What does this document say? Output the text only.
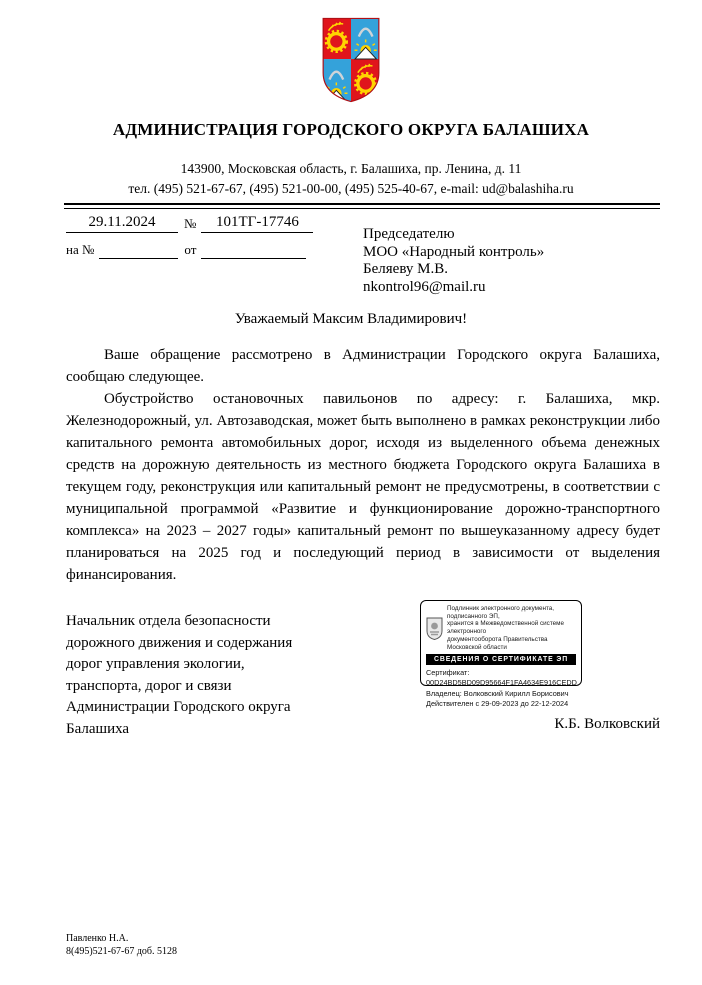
АДМИНИСТРАЦИЯ ГОРОДСКОГО ОКРУГА БАЛАШИХА
143900, Московская область, г. Балашиха, пр. Ленина, д. 11
тел. (495) 521-67-67, (495) 521-00-00, (495) 525-40-67, e-mail: ud@balashiha.ru
29.11.2024	№	101ТГ-17746
на №	от
Председателю
МОО «Народный контроль»
Беляеву М.В.
nkontrol96@mail.ru
Уважаемый Максим Владимирович!

Ваше обращение рассмотрено в Администрации Городского округа Балашиха, сообщаю следующее.

Обустройство остановочных павильонов по адресу: г. Балашиха, мкр. Железнодорожный, ул. Автозаводская, может быть выполнено в рамках реконструкции либо капитального ремонта автомобильных дорог, исходя из выделенного объема денежных средств на дорожную деятельность из местного бюджета Городского округа Балашиха в текущем году, реконструкция или капитальный ремонт не предусмотрены, в соответствии с муниципальной программой «Развитие и функционирование дорожно-транспортного комплекса» на 2023 – 2027 годы» капитальный ремонт по вышеуказанному адресу будет планироваться на 2025 год и последующий период в зависимости от выделения финансирования.

Начальник отдела безопасности
дорожного движения и содержания
дорог управления экологии,
транспорта, дорог и связи
Администрации Городского округа
Балашиха
Подлинник электронного документа, подписанного ЭП,
хранится в Межведомственной системе электронного
документооборота Правительства Московской области
СВЕДЕНИЯ О СЕРТИФИКАТЕ ЭП
Сертификат: 00D24BD5BD09D95664F1FA4634E916CEDD
Владелец: Волковский Кирилл Борисович
Действителен с 29-09-2023 до 22-12-2024
К.Б. Волковский
Павленко Н.А.
8(495)521-67-67 доб. 5128
